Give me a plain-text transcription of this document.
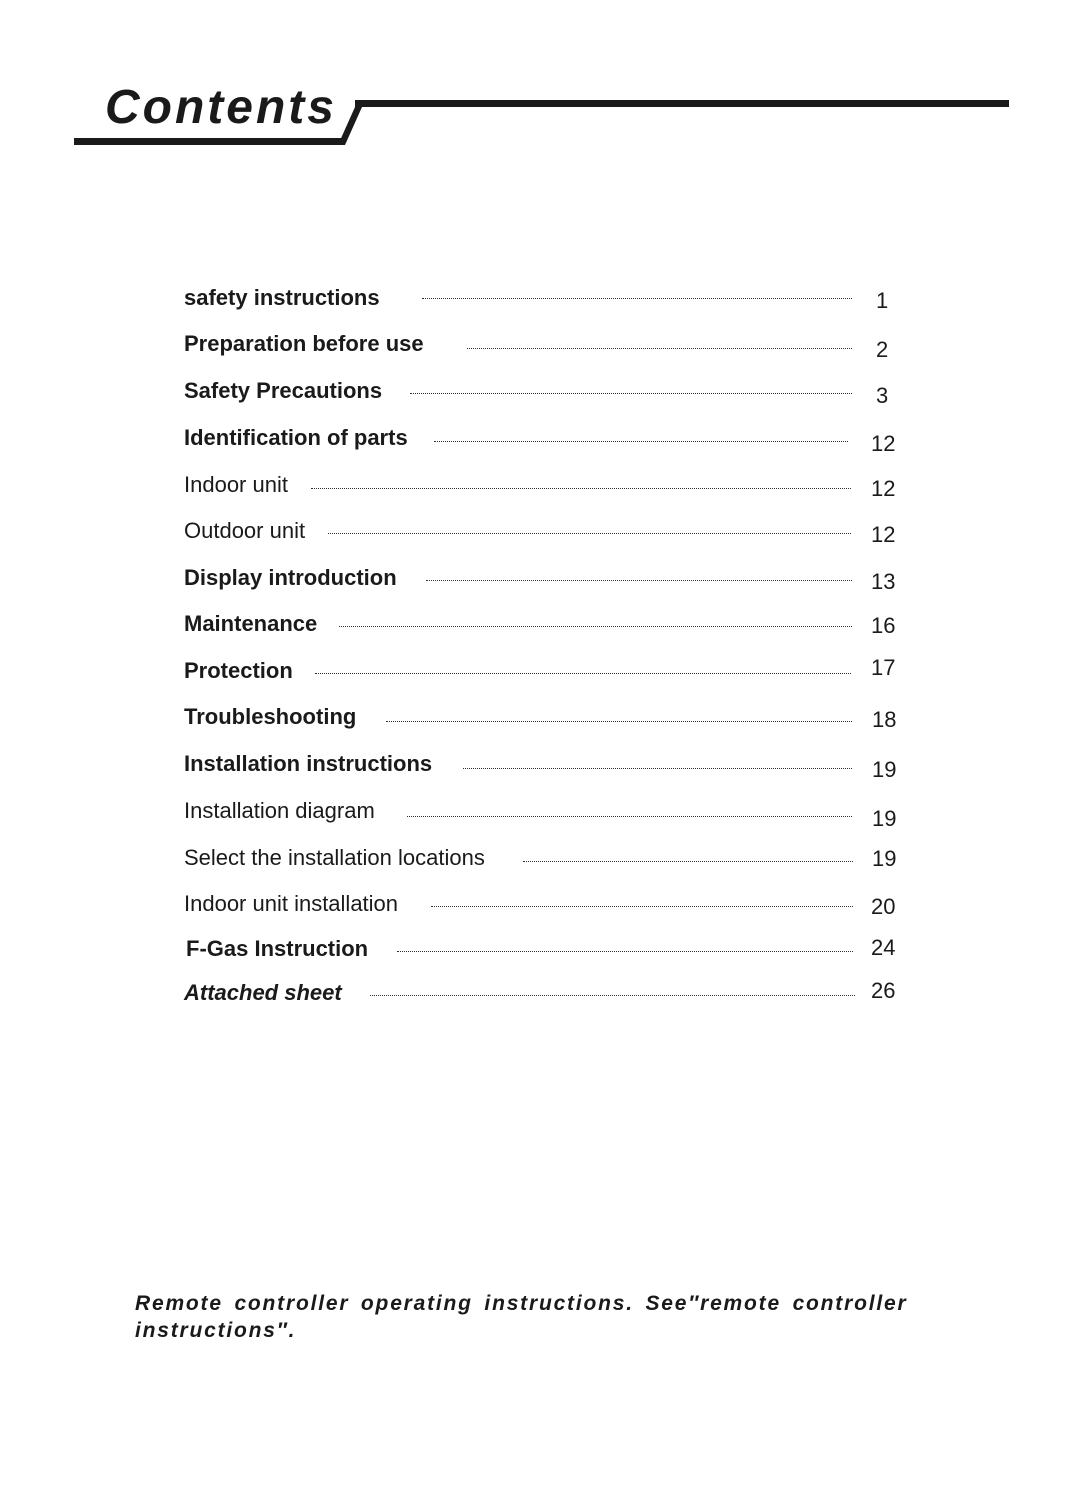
Contents
safety instructions	1
Preparation before use	2
Safety Precautions	3
Identification of parts	12
Indoor unit	12
Outdoor unit	12
Display introduction	13
Maintenance	16
Protection	17
Troubleshooting	18
Installation instructions	19
Installation diagram	19
Select the installation locations	19
Indoor unit installation	20
F-Gas Instruction	24
Attached sheet	26

Remote controller operating instructions. See″remote controller instructions″.
